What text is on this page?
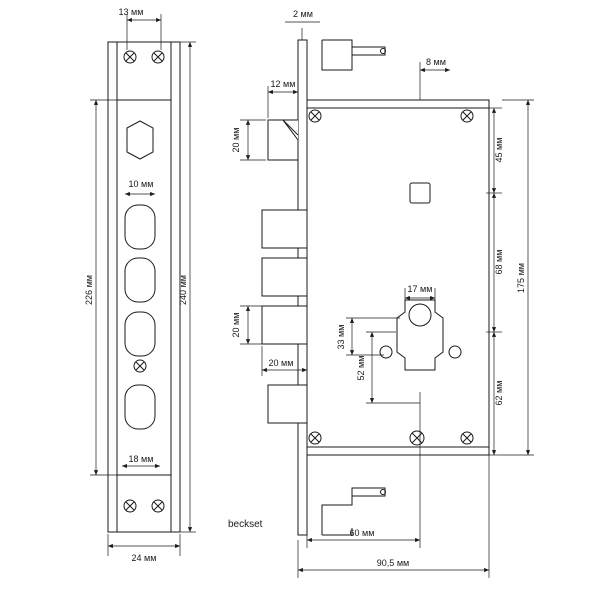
13 мм
10 мм
18 мм
24 мм
226 мм	240 мм
2 мм
8 мм
12 мм
20 мм
20 мм
20 мм
17 мм
33 мм
52 мм
45 мм
68 мм
62 мм
175 мм
60 мм
90,5 мм
beckset
